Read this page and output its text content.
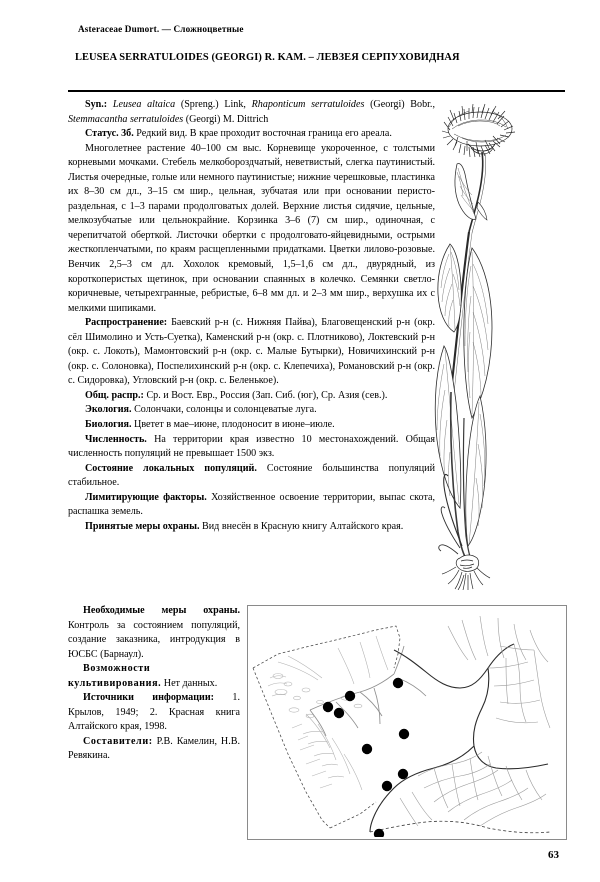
Asteraceae Dumort. — Сложноцветные
LEUSEA SERRATULOIDES (GEORGI) R. KAM. – ЛЕВЗЕЯ СЕРПУХОВИДНАЯ

Syn.: Leusea altaica (Spreng.) Link, Rhaponticum serratuloides (Georgi) Bobr., Stemmacantha serratuloides (Georgi) M. Dittrich

Статус. 3б. Редкий вид. В крае проходит восточная граница его ареала.

Многолетнее растение 40–100 см выс. Корневище укороченное, с толстыми корневыми мочками. Стебель мелкобороздчатый, неветвистый, слегка паутинистый. Листья очередные, голые или немного паутинистые; нижние черешковые, пластинка их 8–30 см дл., 3–15 см шир., цельная, зубчатая или при основании перисто-раздельная, с 1–3 парами продолговатых долей. Верхние листья сидячие, цельные, мелкозубчатые или цельнокрайние. Корзинка 3–6 (7) см шир., одиночная, с черепитчатой оберткой. Листочки обертки с продолговато-яйцевидными, острыми жесткопленчатыми, по краям расщепленными придатками. Цветки лилово-розовые. Венчик 2,5–3 см дл. Хохолок кремовый, 1,5–1,6 см дл., двурядный, из короткоперистых щетинок, при основании спаянных в колечко. Семянки светло-коричневые, четырехгранные, ребристые, 6–8 мм дл. и 2–3 мм шир., верхушка их с мелкими шипиками.

Распространение: Баевский р-н (с. Нижняя Пайва), Благовещенский р-н (окр. сёл Шимолино и Усть-Суетка), Каменский р-н (окр. с. Плотниково), Локтевский р-н (окр. с. Локоть), Мамонтовский р-н (окр. с. Малые Бутырки), Новичихинский р-н (окр. с. Солоновка), Поспелихинский р-н (окр. с. Клепечиха), Романовский р-н (окр. с. Сидоровка), Угловский р-н (окр. с. Беленькое).

Общ. распр.: Ср. и Вост. Евр., Россия (Зап. Сиб. (юг), Ср. Азия (сев.).

Экология. Солончаки, солонцы и солонцеватые луга.

Биология. Цветет в мае–июне, плодоносит в июне–июле.

Численность. На территории края известно 10 местонахождений. Общая численность популяций не превышает 1500 экз.

Состояние локальных популяций. Состояние большинства популяций стабильное.

Лимитирующие факторы. Хозяйственное освоение территории, выпас скота, распашка земель.

Принятые меры охраны. Вид внесён в Красную книгу Алтайского края.

Необходимые меры охраны. Контроль за состоянием популяций, создание заказника, интродукция в ЮСБС (Барнаул).

Возможности культивирования. Нет данных.

Источники информации: 1. Крылов, 1949; 2. Красная книга Алтайского края, 1998.

Составители: Р.В. Камелин, Н.В. Ревякина.

63
